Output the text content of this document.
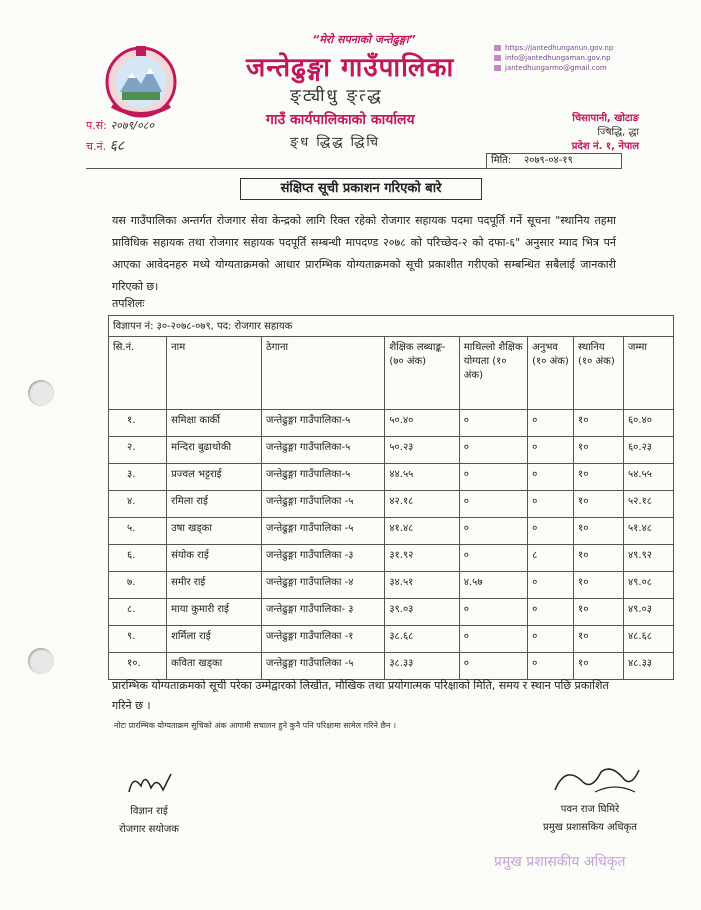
“मेरो सपनाको जन्तेढुङ्गा”
जन्तेढुङ्गा गाउँपालिका
ङ्ट्यीधु ङ्त्द्ध
गाउँ कार्यपालिकाको कार्यालय
ङ्ध द्धिद्ध द्धिचि
https://jantedhunganun.gov.np
info@jantedhungaman.gov.np
jantedhungarmo@gmail.com
प.सं: २०७९/०८०
च.नं. ६८
चिसापानी, खोटाङ
ज्षिद्धि, द्धा
प्रदेश नं. १, नेपाल
मिति: २०७९-०४-१९
संक्षिप्त सूची प्रकाशन गरिएको बारे
यस गाउँपालिका अन्तर्गत रोजगार सेवा केन्द्रको लागि रिक्त रहेको रोजगार सहायक पदमा पदपूर्ति गर्ने सूचना "स्थानिय तहमा प्राविधिक सहायक तथा रोजगार सहायक पदपूर्ति सम्बन्धी मापदण्ड २०७८ को परिच्छेद-२ को दफा-६" अनुसार म्याद भित्र पर्न आएका आवेदनहरु मध्ये योग्यताक्रमको आधार प्रारम्भिक योग्यताक्रमको सूची प्रकाशीत गरीएको सम्बन्धित सबैलाई जानकारी गरिएको छ।
तपशिलः
विज्ञापन नं: ३०-२०७८-०७९, पद: रोजगार सहायक							
सि.नं.	नाम	ठेगाना	शैक्षिक लब्धाङ्क-(७० अंक)	माथिल्लो शैक्षिक योग्यता (१० अंक)	अनुभव (१० अंक)	स्थानिय (१० अंक)	जम्मा
१.	समिक्षा कार्की	जन्तेढुङ्गा गाउँपालिका-५	५०.४०	०	०	१०	६०.४०
२.	मन्दिरा बुढाथोकी	जन्तेढुङ्गा गाउँपालिका-५	५०.२३	०	०	१०	६०.२३
३.	प्रज्वल भट्टराई	जन्तेढुङ्गा गाउँपालिका-५	४४.५५	०	०	१०	५४.५५
४.	रमिला राई	जन्तेढुङ्गा गाउँपालिका -५	४२.१८	०	०	१०	५२.१८
५.	उषा खड्का	जन्तेढुङ्गा गाउँपालिका -५	४१.४८	०	०	१०	५१.४८
६.	संयोक राई	जन्तेढुङ्गा गाउँपालिका -३	३१.९२	०	८	१०	४९.९२
७.	समीर राई	जन्तेढुङ्गा गाउँपालिका -४	३४.५१	४.५७	०	१०	४९.०८
८.	माया कुमारी राई	जन्तेढुङ्गा गाउँपालिका- ३	३९.०३	०	०	१०	४९.०३
९.	शर्मिला राई	जन्तेढुङ्गा गाउँपालिका -१	३८.६८	०	०	१०	४८.६८
१०.	कविता खड्का	जन्तेढुङ्गा गाउँपालिका -५	३८.३३	०	०	१०	४८.३३
प्रारम्भिक योग्यताक्रमको सूची परेका उम्मेद्वारको लिखीत, मौखिक तथा प्रयोगात्मक परिक्षाको मिति, समय र स्थान पछि प्रकाशित गरिने छ ।
नोटः प्रारम्भिक योग्यताक्रम सुचिको अंक आगामी सचालन हुने कुनै पनि परिक्षामा सामेल गरिने छैन ।
विज्ञान राई
रोजगार सयोजक
पवन राज घिमिरे
प्रमुख प्रशासकिय अधिकृत
प्रमुख प्रशासकीय अधिकृत
